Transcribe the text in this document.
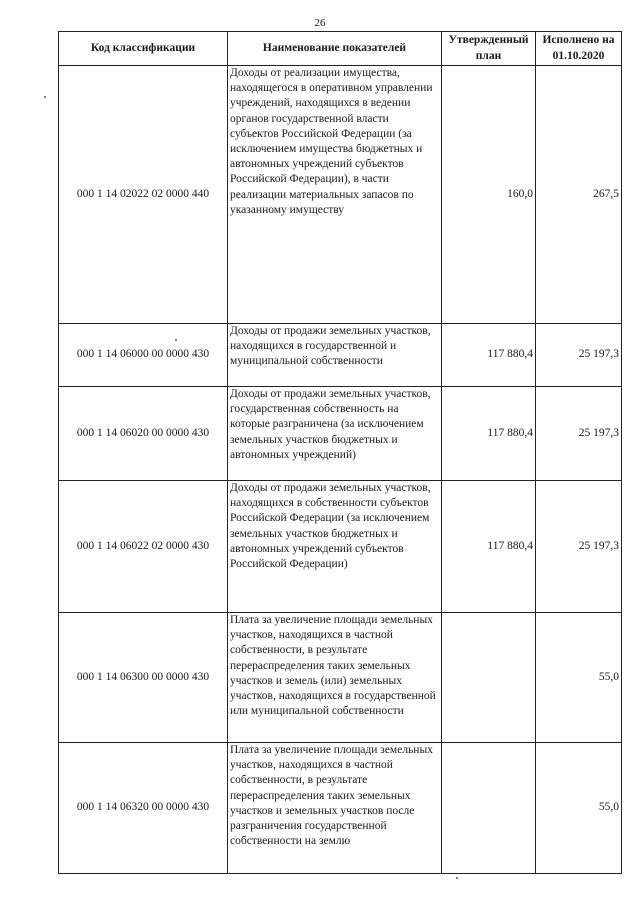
26
Код классификации	Наименование показателей	Утвержденный план	Исполнено на 01.10.2020
000 1 14 02022 02 0000 440	Доходы от реализации имущества, находящегося в оперативном управлении учреждений, находящихся в ведении органов государственной власти субъектов Российской Федерации (за исключением имущества бюджетных и автономных учреждений субъектов Российской Федерации), в части реализации материальных запасов по указанному имуществу	160,0	267,5
000 1 14 06000 00 0000 430	Доходы от продажи земельных участков, находящихся в государственной и муниципальной собственности	117 880,4	25 197,3
000 1 14 06020 00 0000 430	Доходы от продажи земельных участков, государственная собственность на которые разграничена (за исключением земельных участков бюджетных и автономных учреждений)	117 880,4	25 197,3
000 1 14 06022 02 0000 430	Доходы от продажи земельных участков, находящихся в собственности субъектов Российской Федерации (за исключением земельных участков бюджетных и автономных учреждений субъектов Российской Федерации)	117 880,4	25 197,3
000 1 14 06300 00 0000 430	Плата за увеличение площади земельных участков, находящихся в частной собственности, в результате перераспределения таких земельных участков и земель (или) земельных участков, находящихся в государственной или муниципальной собственности		55,0
000 1 14 06320 00 0000 430	Плата за увеличение площади земельных участков, находящихся в частной собственности, в результате перераспределения таких земельных участков и земельных участков после разграничения государственной собственности на землю		55,0
